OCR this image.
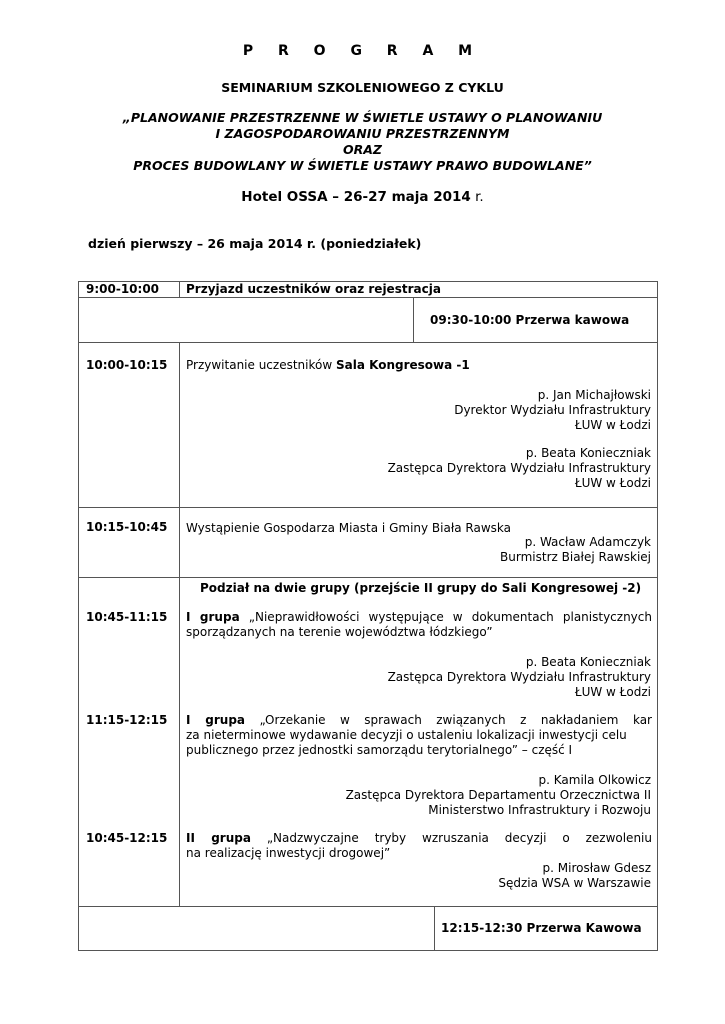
P R O G R A M
SEMINARIUM SZKOLENIOWEGO Z CYKLU
„PLANOWANIE PRZESTRZENNE W ŚWIETLE USTAWY O PLANOWANIU
I ZAGOSPODAROWANIU PRZESTRZENNYM
ORAZ
PROCES BUDOWLANY W ŚWIETLE USTAWY PRAWO BUDOWLANE”
Hotel OSSA – 26-27 maja 2014 r.
dzień pierwszy – 26 maja 2014 r. (poniedziałek)
9:00-10:00 Przyjazd uczestników oraz rejestracja
09:30-10:00 Przerwa kawowa
10:00-10:15 Przywitanie uczestników Sala Kongresowa -1
p. Jan Michajłowski
Dyrektor Wydziału Infrastruktury
ŁUW w Łodzi
p. Beata Konieczniak
Zastępca Dyrektora Wydziału Infrastruktury
ŁUW w Łodzi
10:15-10:45 Wystąpienie Gospodarza Miasta i Gminy Biała Rawska
p. Wacław Adamczyk
Burmistrz Białej Rawskiej
Podział na dwie grupy (przejście II grupy do Sali Kongresowej -2)
10:45-11:15 I grupa „Nieprawidłowości występujące w dokumentach planistycznych
sporządzanych na terenie województwa łódzkiego”
p. Beata Konieczniak
Zastępca Dyrektora Wydziału Infrastruktury
ŁUW w Łodzi
11:15-12:15 I grupa „Orzekanie w sprawach związanych z nakładaniem kar
za nieterminowe wydawanie decyzji o ustaleniu lokalizacji inwestycji celu
publicznego przez jednostki samorządu terytorialnego” – część I
p. Kamila Olkowicz
Zastępca Dyrektora Departamentu Orzecznictwa II
Ministerstwo Infrastruktury i Rozwoju
10:45-12:15 II grupa „Nadzwyczajne tryby wzruszania decyzji o zezwoleniu
na realizację inwestycji drogowej”
p. Mirosław Gdesz
Sędzia WSA w Warszawie
12:15-12:30 Przerwa Kawowa
